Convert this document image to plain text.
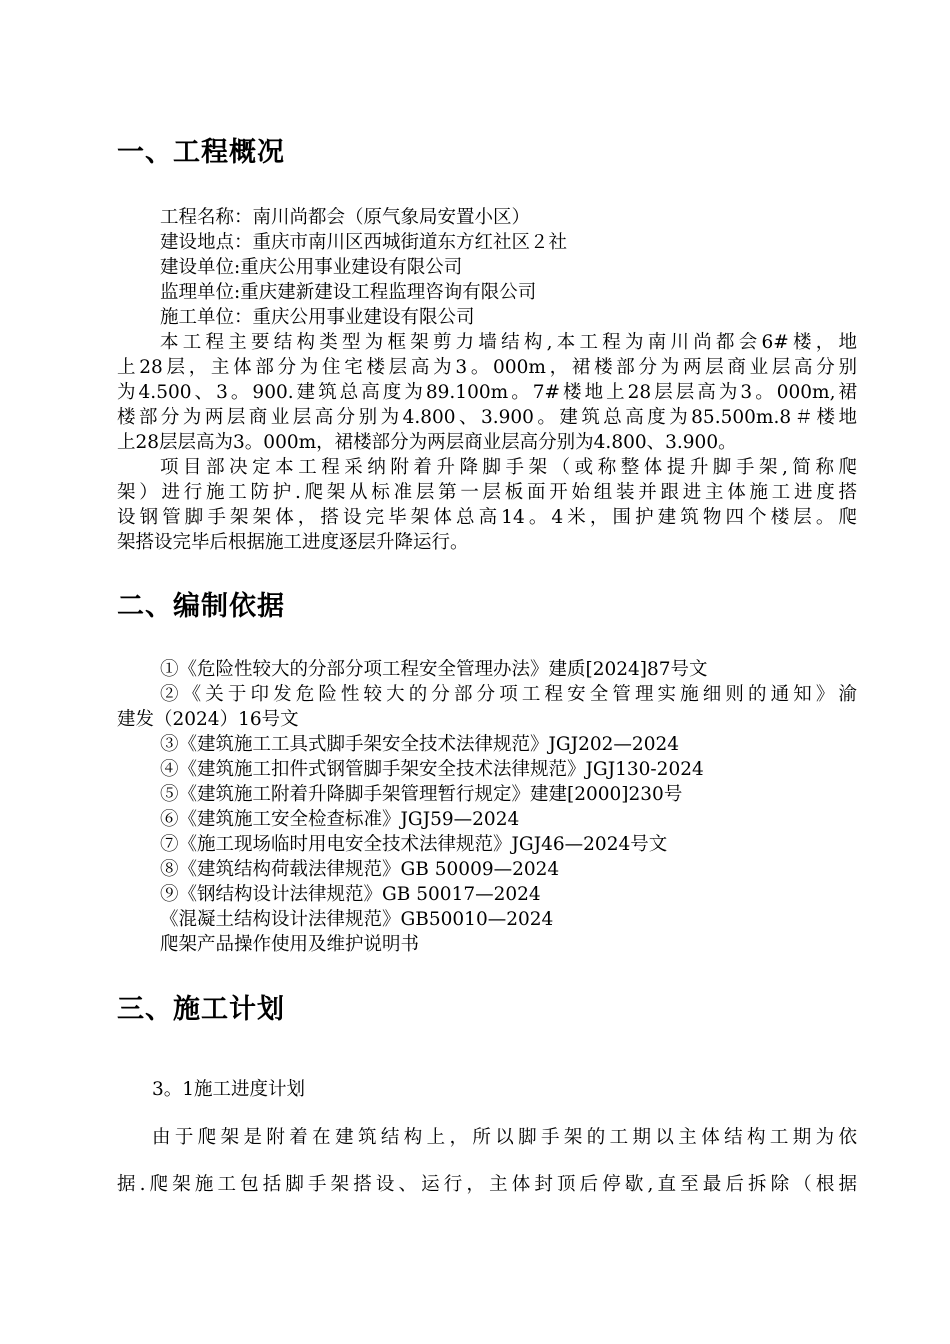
一、工程概况
工程名称：南川尚都会（原气象局安置小区）
建设地点：重庆市南川区西城街道东方红社区２社
建设单位:重庆公用事业建设有限公司
监理单位:重庆建新建设工程监理咨询有限公司
施工单位：重庆公用事业建设有限公司
本工程主要结构类型为框架剪力墙结构,本工程为南川尚都会6#楼，地
上28层，主体部分为住宅楼层高为3。000m，裙楼部分为两层商业层高分别
为4.500、3。900.建筑总高度为89.100m。7#楼地上28层层高为3。000m,裙
楼部分为两层商业层高分别为4.800、3.900。建筑总高度为85.500m.8＃楼地
上28层层高为3。000m，裙楼部分为两层商业层高分别为4.800、3.900。
项目部决定本工程采纳附着升降脚手架（或称整体提升脚手架,简称爬
架）进行施工防护.爬架从标准层第一层板面开始组装并跟进主体施工进度搭
设钢管脚手架架体，搭设完毕架体总高14。4米，围护建筑物四个楼层。爬
架搭设完毕后根据施工进度逐层升降运行。
二、编制依据
①《危险性较大的分部分项工程安全管理办法》建质[2024]87号文
②《关于印发危险性较大的分部分项工程安全管理实施细则的通知》渝
建发（2024）16号文
③《建筑施工工具式脚手架安全技术法律规范》JGJ202—2024
④《建筑施工扣件式钢管脚手架安全技术法律规范》JGJ130-2024
⑤《建筑施工附着升降脚手架管理暂行规定》建建[2000]230号
⑥《建筑施工安全检查标准》JGJ59—2024
⑦《施工现场临时用电安全技术法律规范》JGJ46—2024号文
⑧《建筑结构荷载法律规范》GB 50009—2024
⑨《钢结构设计法律规范》GB 50017—2024
《混凝土结构设计法律规范》GB50010—2024
爬架产品操作使用及维护说明书
三、施工计划
3。1施工进度计划
由于爬架是附着在建筑结构上，所以脚手架的工期以主体结构工期为依
据.爬架施工包括脚手架搭设、运行，主体封顶后停歇,直至最后拆除（根据
